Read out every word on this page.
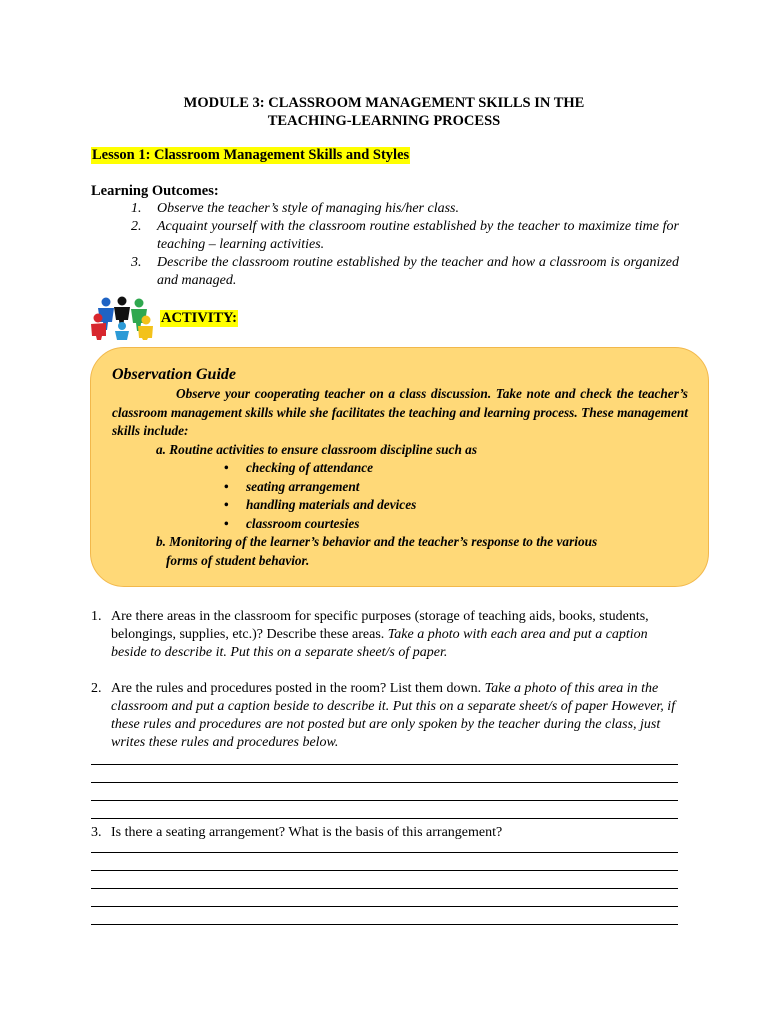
MODULE 3: CLASSROOM MANAGEMENT SKILLS IN THE
TEACHING-LEARNING PROCESS
Lesson 1: Classroom Management Skills and Styles
Learning Outcomes:
1. Observe the teacher’s style of managing his/her class.
2. Acquaint yourself with the classroom routine established by the teacher to maximize time for teaching – learning activities.
3. Describe the classroom routine established by the teacher and how a classroom is organized and managed.
ACTIVITY:
Observation Guide

Observe your cooperating teacher on a class discussion. Take note and check the teacher’s classroom management skills while she facilitates the teaching and learning process. These management skills include:

a. Routine activities to ensure classroom discipline such as

• checking of attendance
• seating arrangement
• handling materials and devices
• classroom courtesies

b. Monitoring of the learner’s behavior and the teacher’s response to the various

forms of student behavior.

1. Are there areas in the classroom for specific purposes (storage of teaching aids, books, students, belongings, supplies, etc.)? Describe these areas. Take a photo with each area and put a caption beside to describe it. Put this on a separate sheet/s of paper.
2. Are the rules and procedures posted in the room? List them down. Take a photo of this area in the classroom and put a caption beside to describe it. Put this on a separate sheet/s of paper However, if these rules and procedures are not posted but are only spoken by the teacher during the class, just writes these rules and procedures below.
3. Is there a seating arrangement? What is the basis of this arrangement?
